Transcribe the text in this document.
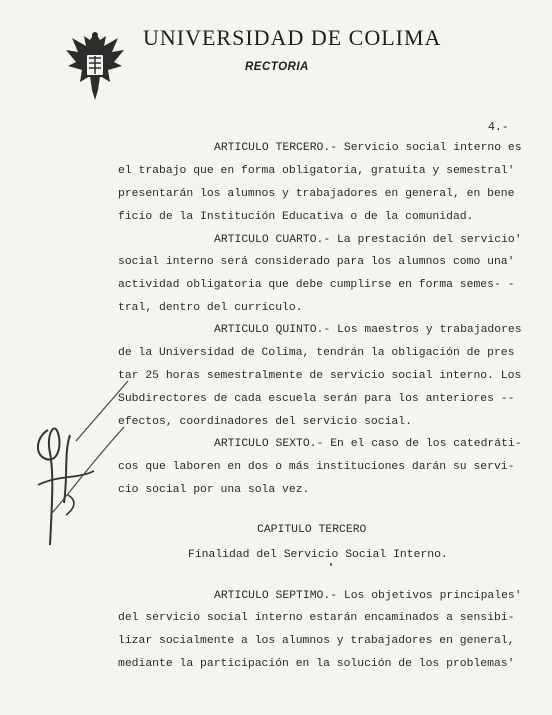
UNIVERSIDAD DE COLIMA
RECTORIA
4.-
ARTICULO TERCERO.- Servicio social interno es
el trabajo que en forma obligatoria, gratuita y semestral'
presentarán los alumnos y trabajadores en general, en bene
ficio de la Institución Educativa o de la comunidad.
ARTICULO CUARTO.- La prestación del servicio'
social interno será considerado para los alumnos como una'
actividad obligatoria que debe cumplirse en forma semes- -
tral, dentro del currículo.
ARTICULO QUINTO.- Los maestros y trabajadores
de la Universidad de Colima, tendrán la obligación de pres
tar 25 horas semestralmente de servicio social interno. Los
Subdirectores de cada escuela serán para los anteriores --
efectos, coordinadores del servicio social.
ARTICULO SEXTO.- En el caso de los catedráti-
cos que laboren en dos o más instituciones darán su servi-
cio social por una sola vez.
CAPITULO TERCERO
Finalidad del Servicio Social Interno.
ARTICULO SEPTIMO.- Los objetivos principales'
del servicio social interno estarán encaminados a sensibi-
lizar socialmente a los alumnos y trabajadores en general,
mediante la participación en la solución de los problemas'
